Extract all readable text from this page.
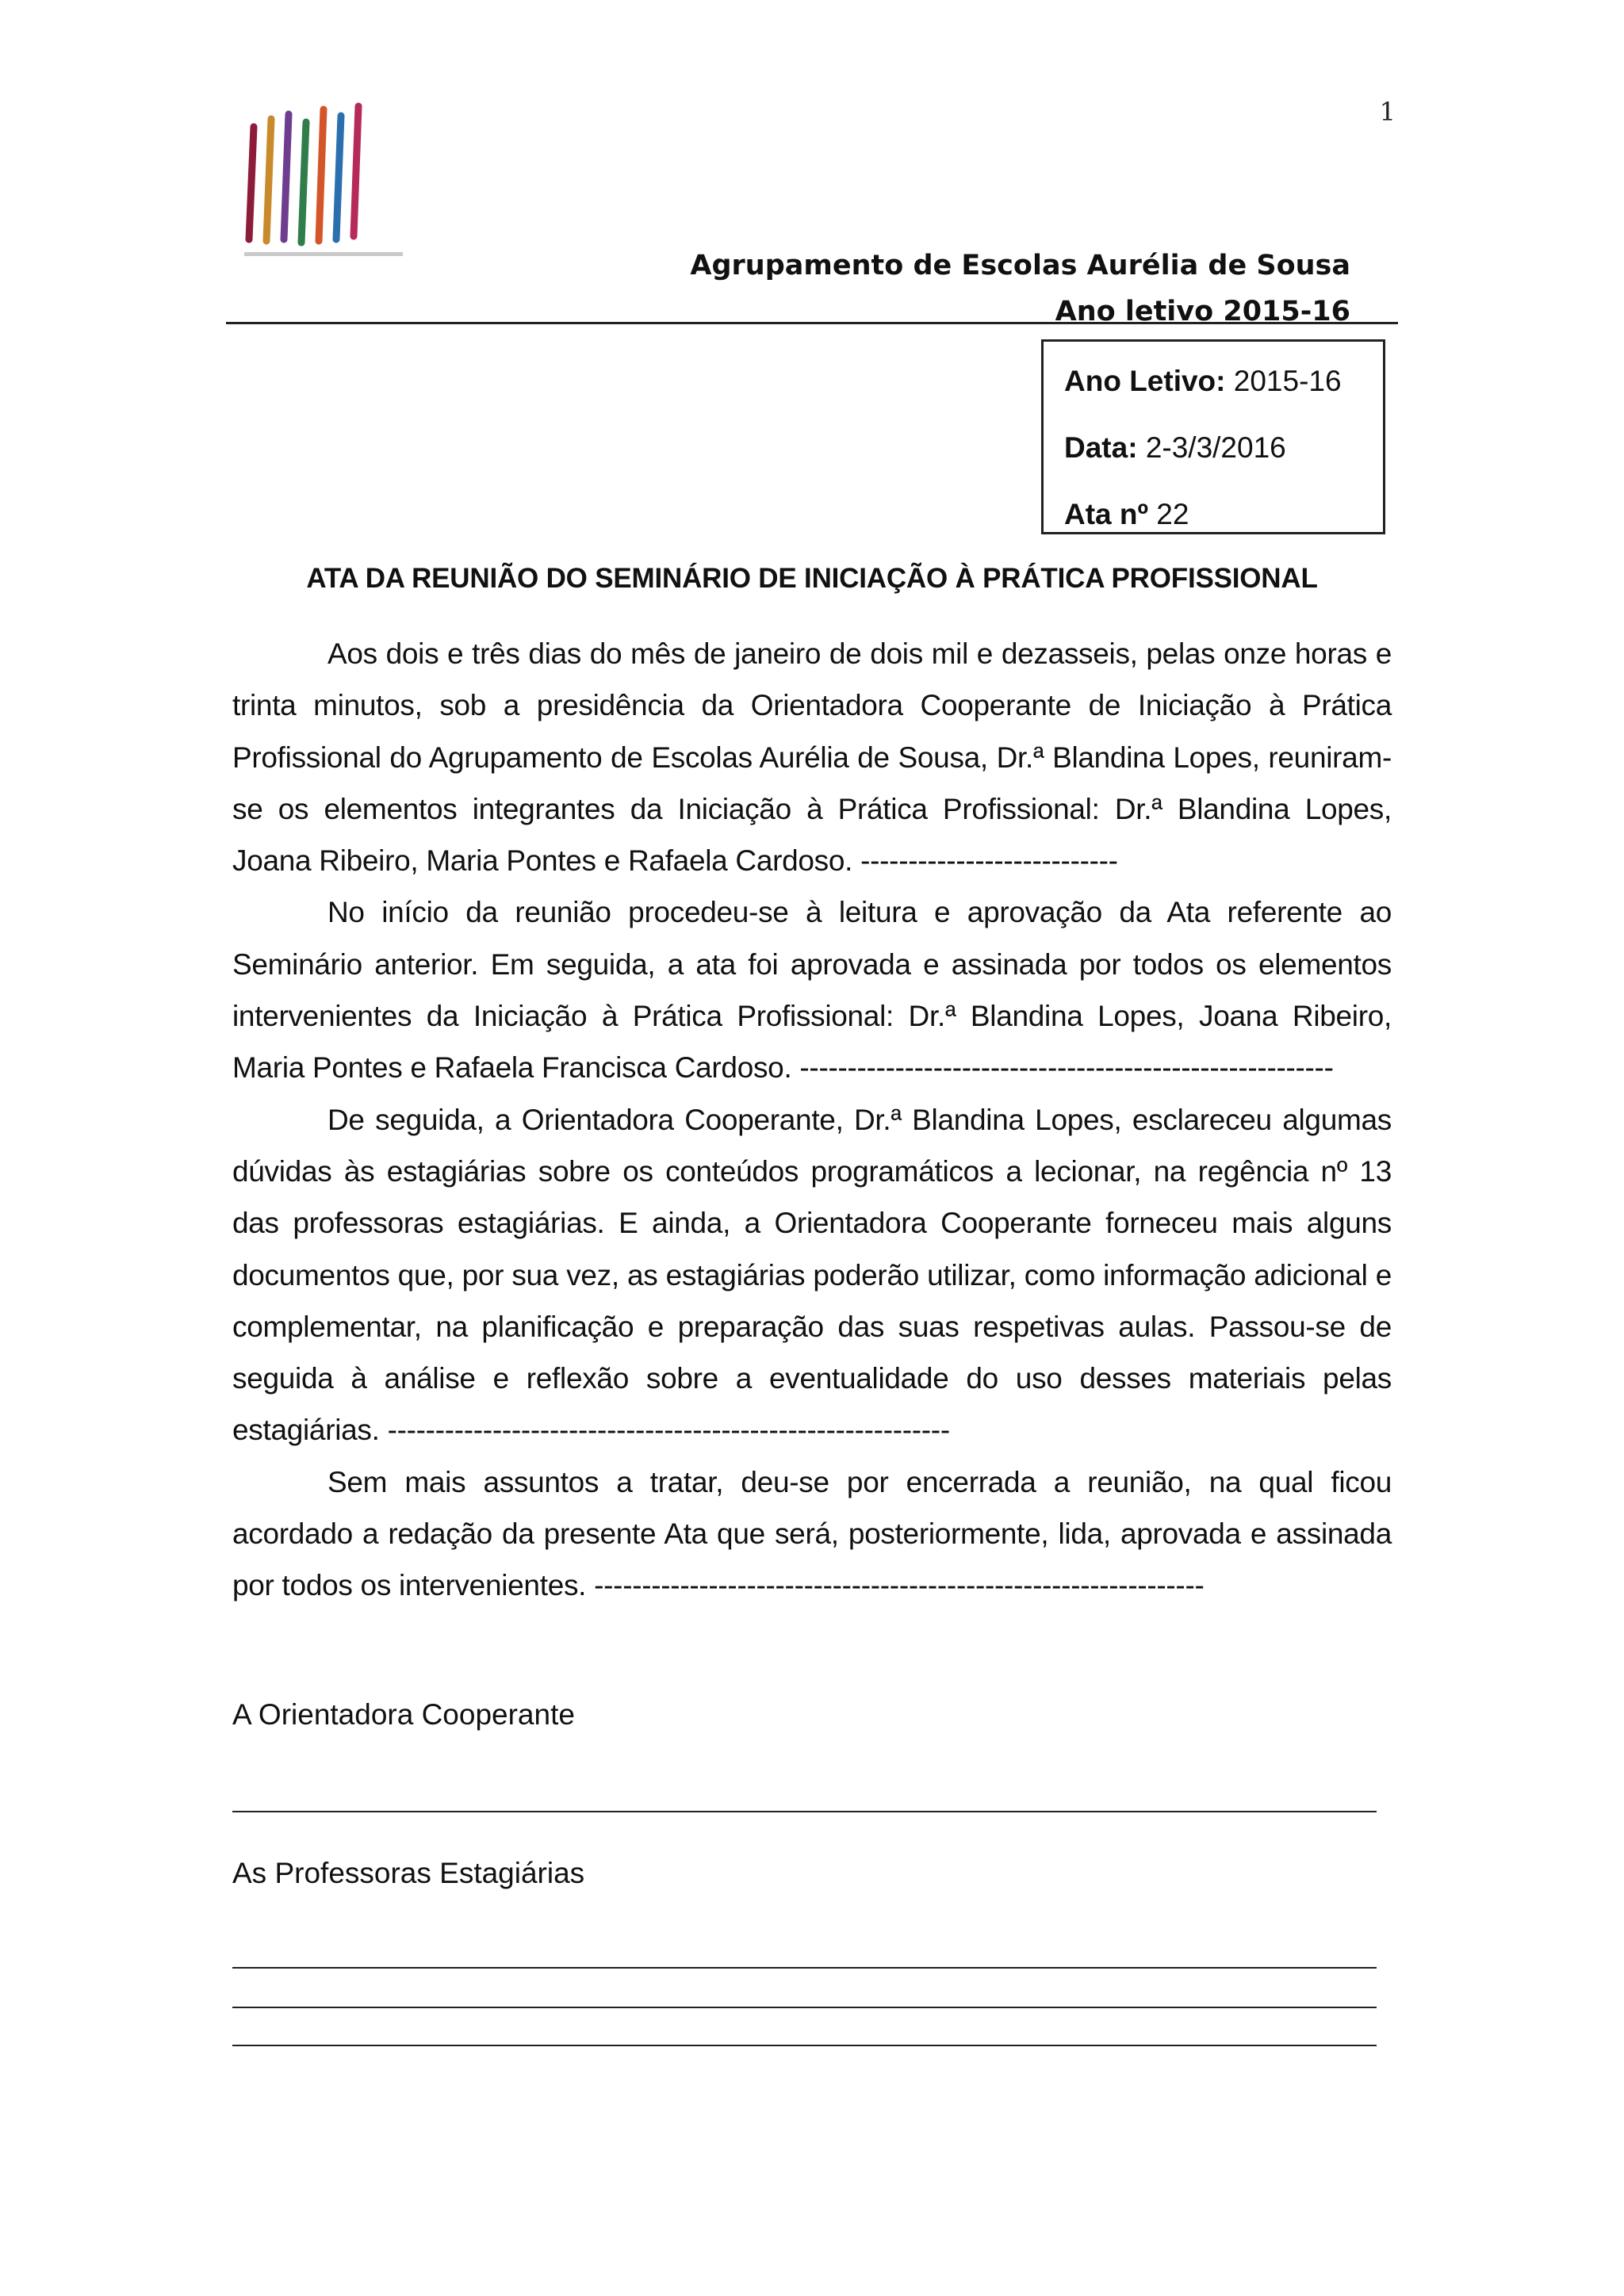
1
Agrupamento de Escolas Aurélia de Sousa
Ano letivo 2015-16
Ano Letivo: 2015-16
Data: 2-3/3/2016
Ata nº 22
ATA DA REUNIÃO DO SEMINÁRIO DE INICIAÇÃO À PRÁTICA PROFISSIONAL

Aos dois e três dias do mês de janeiro de dois mil e dezasseis, pelas onze horas e trinta minutos, sob a presidência da Orientadora Cooperante de Iniciação à Prática Profissional do Agrupamento de Escolas Aurélia de Sousa, Dr.ª Blandina Lopes, reuniram-se os elementos integrantes da Iniciação à Prática Profissional: Dr.ª Blandina Lopes, Joana Ribeiro, Maria Pontes e Rafaela Cardoso. ---------------------------

No início da reunião procedeu-se à leitura e aprovação da Ata referente ao Seminário anterior. Em seguida, a ata foi aprovada e assinada por todos os elementos intervenientes da Iniciação à Prática Profissional: Dr.ª Blandina Lopes, Joana Ribeiro, Maria Pontes e Rafaela Francisca Cardoso. --------------------------------------------------------

De seguida, a Orientadora Cooperante, Dr.ª Blandina Lopes, esclareceu algumas dúvidas às estagiárias sobre os conteúdos programáticos a lecionar, na regência nº 13 das professoras estagiárias. E ainda, a Orientadora Cooperante forneceu mais alguns documentos que, por sua vez, as estagiárias poderão utilizar, como informação adicional e complementar, na planificação e preparação das suas respetivas aulas. Passou-se de seguida à análise e reflexão sobre a eventualidade do uso desses materiais pelas estagiárias. -----------------------------------------------------------

Sem mais assuntos a tratar, deu-se por encerrada a reunião, na qual ficou acordado a redação da presente Ata que será, posteriormente, lida, aprovada e assinada por todos os intervenientes. ----------------------------------------------------------------

A Orientadora Cooperante
As Professoras Estagiárias
